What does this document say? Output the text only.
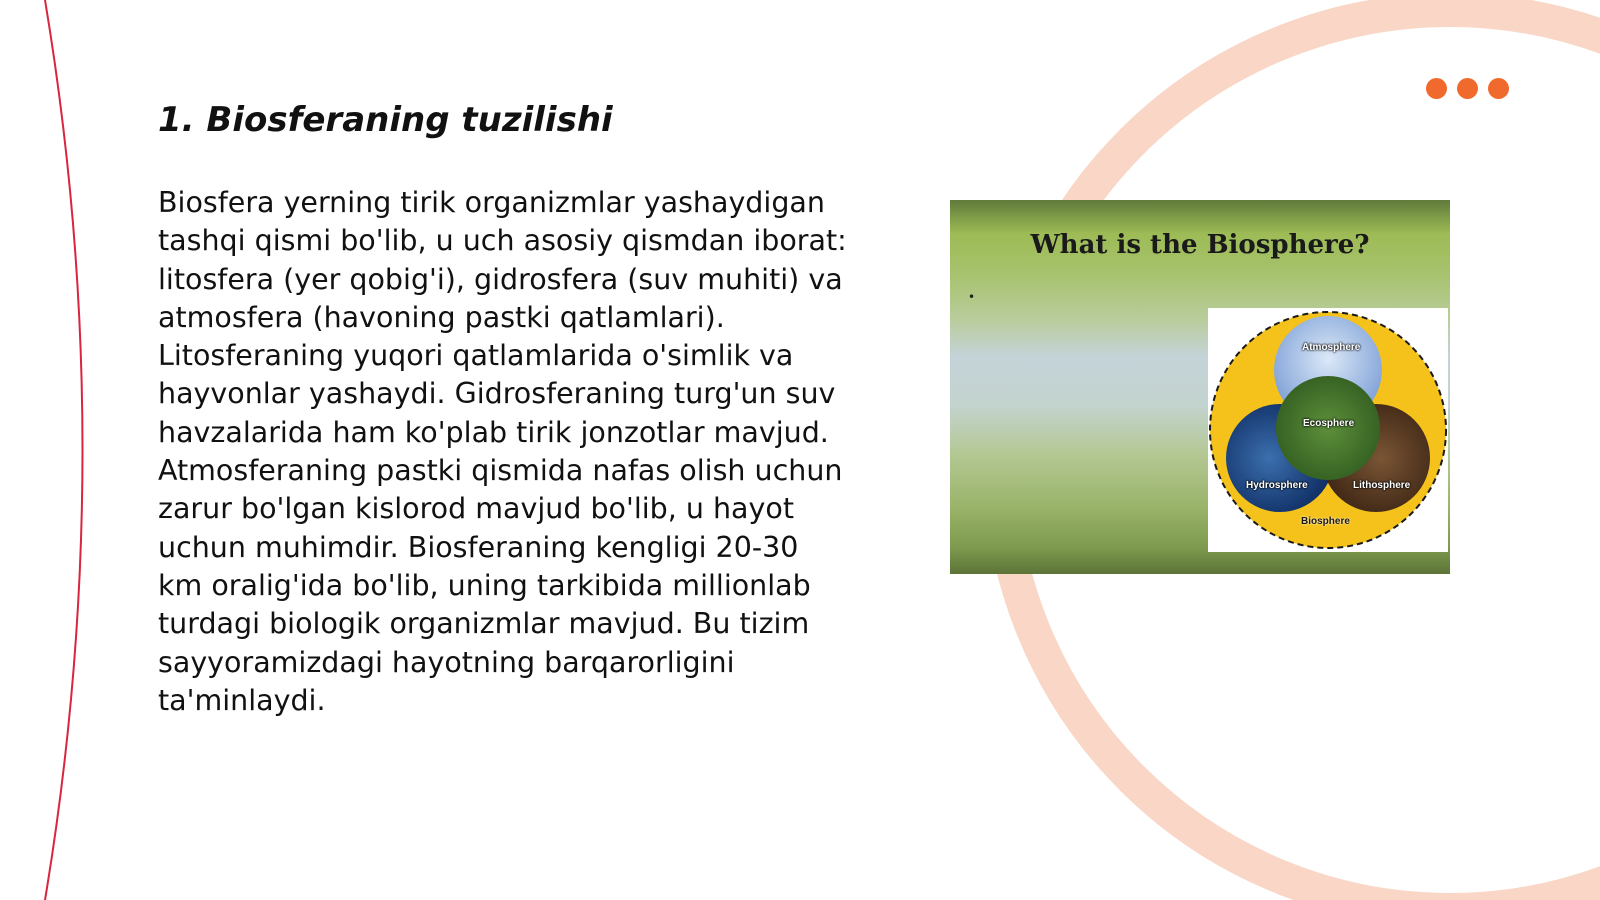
1. Biosferaning tuzilishi

Biosfera yerning tirik organizmlar yashaydigan tashqi qismi bo'lib, u uch asosiy qismdan iborat: litosfera (yer qobig'i), gidrosfera (suv muhiti) va atmosfera (havoning pastki qatlamlari). Litosferaning yuqori qatlamlarida o'simlik va hayvonlar yashaydi. Gidrosferaning turg'un suv havzalarida ham ko'plab tirik jonzotlar mavjud. Atmosferaning pastki qismida nafas olish uchun zarur bo'lgan kislorod mavjud bo'lib, u hayot uchun muhimdir. Biosferaning kengligi 20-30 km oralig'ida bo'lib, uning tarkibida millionlab turdagi biologik organizmlar mavjud. Bu tizim sayyoramizdagi hayotning barqarorligini ta'minlaydi.

What is the Biosphere?
•
Atmosphere
Ecosphere
Hydrosphere	Lithosphere
Biosphere
